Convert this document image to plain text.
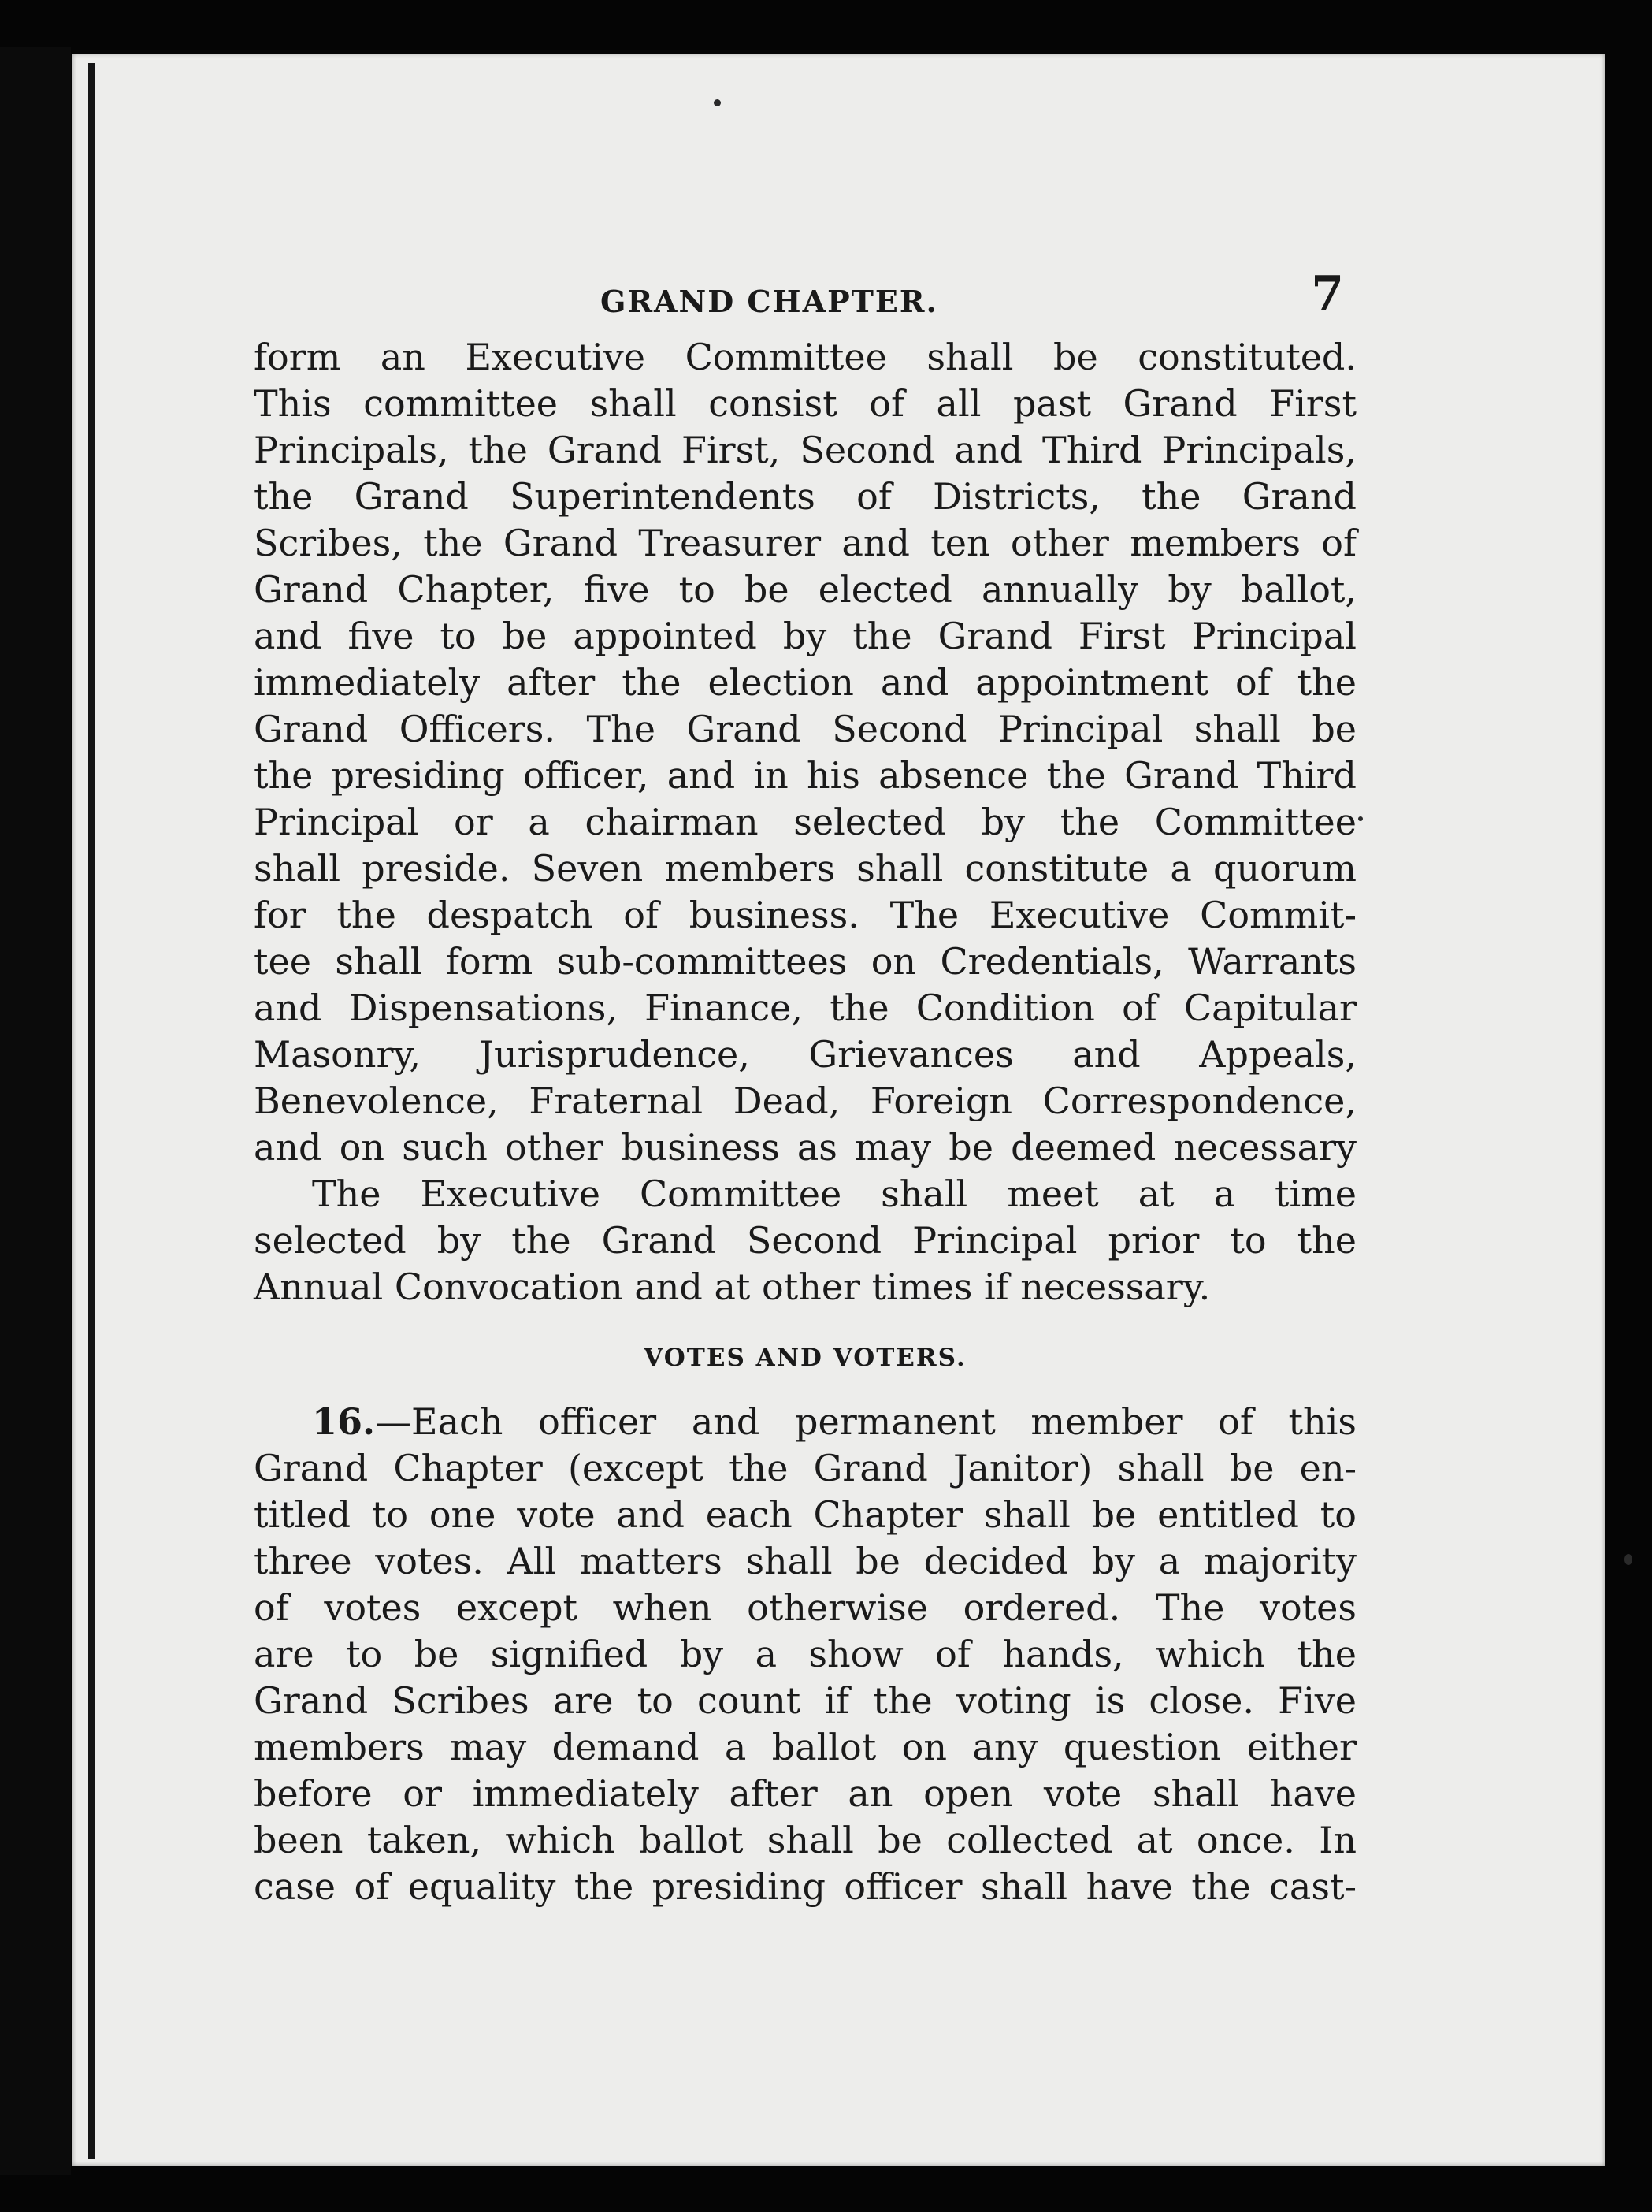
GRAND CHAPTER.	7
form an Executive Committee shall be constituted.
This committee shall consist of all past Grand First
Principals, the Grand First, Second and Third Principals,
the Grand Superintendents of Districts, the Grand
Scribes, the Grand Treasurer and ten other members of
Grand Chapter, five to be elected annually by ballot,
and five to be appointed by the Grand First Principal
immediately after the election and appointment of the
Grand Officers. The Grand Second Principal shall be
the presiding officer, and in his absence the Grand Third
Principal or a chairman selected by the Committee
shall preside. Seven members shall constitute a quorum
for the despatch of business. The Executive Commit-
tee shall form sub-committees on Credentials, Warrants
and Dispensations, Finance, the Condition of Capitular
Masonry, Jurisprudence, Grievances and Appeals,
Benevolence, Fraternal Dead, Foreign Correspondence,
and on such other business as may be deemed necessary
The Executive Committee shall meet at a time
selected by the Grand Second Principal prior to the
Annual Convocation and at other times if necessary.
VOTES AND VOTERS.
16.—Each officer and permanent member of this
Grand Chapter (except the Grand Janitor) shall be en-
titled to one vote and each Chapter shall be entitled to
three votes. All matters shall be decided by a majority
of votes except when otherwise ordered. The votes
are to be signified by a show of hands, which the
Grand Scribes are to count if the voting is close. Five
members may demand a ballot on any question either
before or immediately after an open vote shall have
been taken, which ballot shall be collected at once. In
case of equality the presiding officer shall have the cast-
